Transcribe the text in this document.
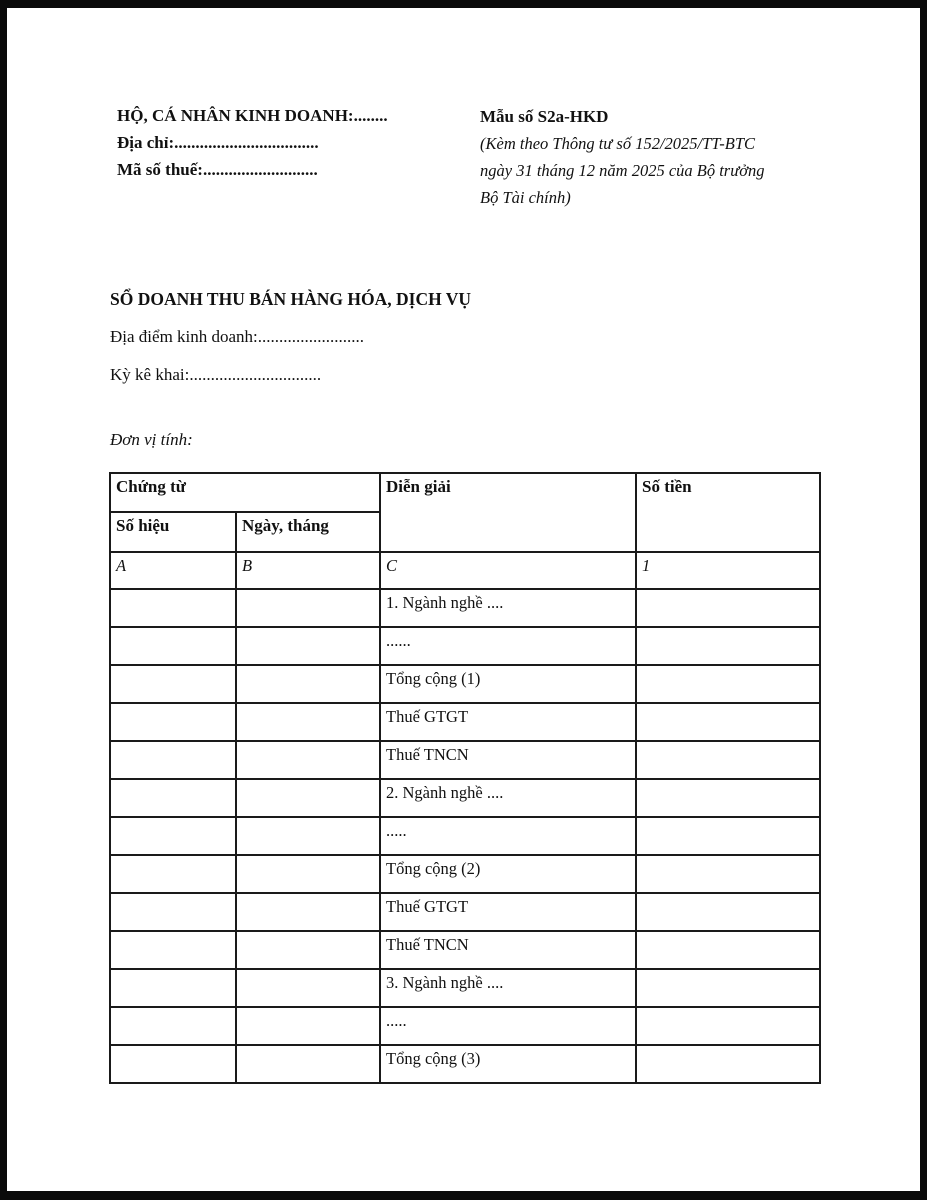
HỘ, CÁ NHÂN KINH DOANH:........
Địa chỉ:..................................
Mã số thuế:...........................
Mẫu số S2a-HKD
(Kèm theo Thông tư số 152/2025/TT-BTC
ngày 31 tháng 12 năm 2025 của Bộ trưởng
Bộ Tài chính)
SỔ DOANH THU BÁN HÀNG HÓA, DỊCH VỤ
Địa điểm kinh doanh:.........................
Kỳ kê khai:...............................
Đơn vị tính:
Chứng từ		Diễn giải	Số tiền
Số hiệu	Ngày, tháng		
A	B	C	1
		1. Ngành nghề ....	
		......	
		Tổng cộng (1)	
		Thuế GTGT	
		Thuế TNCN	
		2. Ngành nghề ....	
		.....	
		Tổng cộng (2)	
		Thuế GTGT	
		Thuế TNCN	
		3. Ngành nghề ....	
		.....	
		Tổng cộng (3)	
